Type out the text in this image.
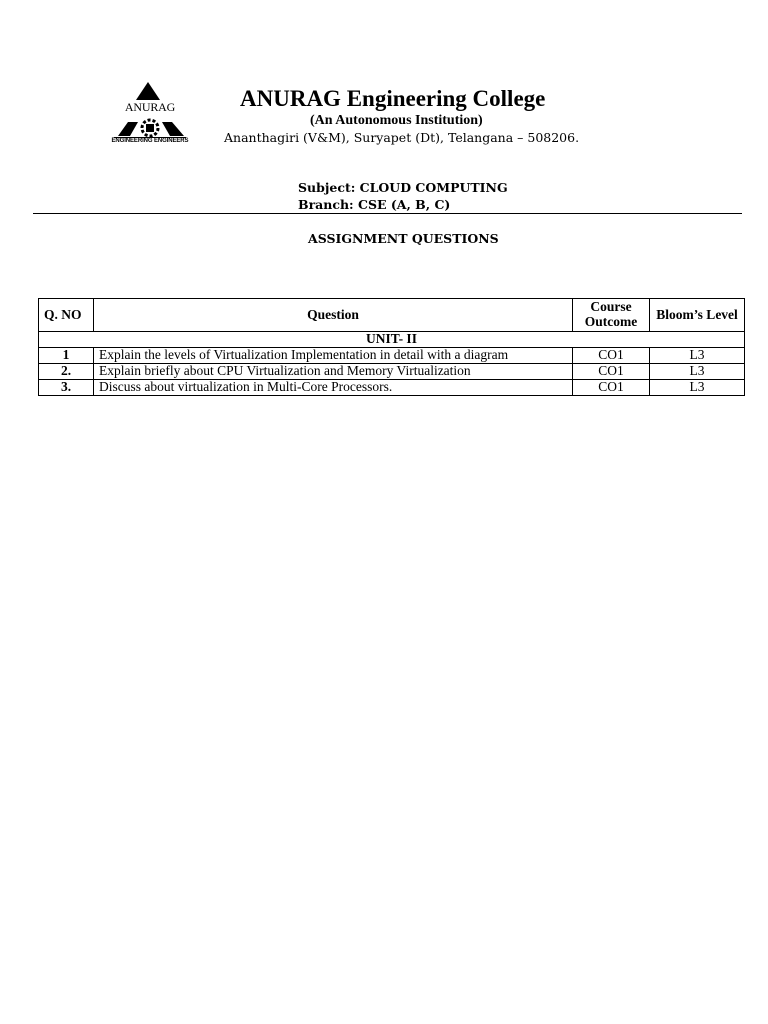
ANURAG
ENGINEERING ENGINEERS
ANURAG Engineering College
(An Autonomous Institution)
Ananthagiri (V&M), Suryapet (Dt), Telangana – 508206.
Subject: CLOUD COMPUTING
Branch: CSE (A, B, C)
ASSIGNMENT QUESTIONS
Q. NO	Question	Course Outcome	Bloom’s Level
UNIT- II			
1	Explain the levels of Virtualization Implementation in detail with a diagram	CO1	L3
2.	Explain briefly about CPU Virtualization and Memory Virtualization	CO1	L3
3.	Discuss about virtualization in Multi-Core Processors.	CO1	L3
